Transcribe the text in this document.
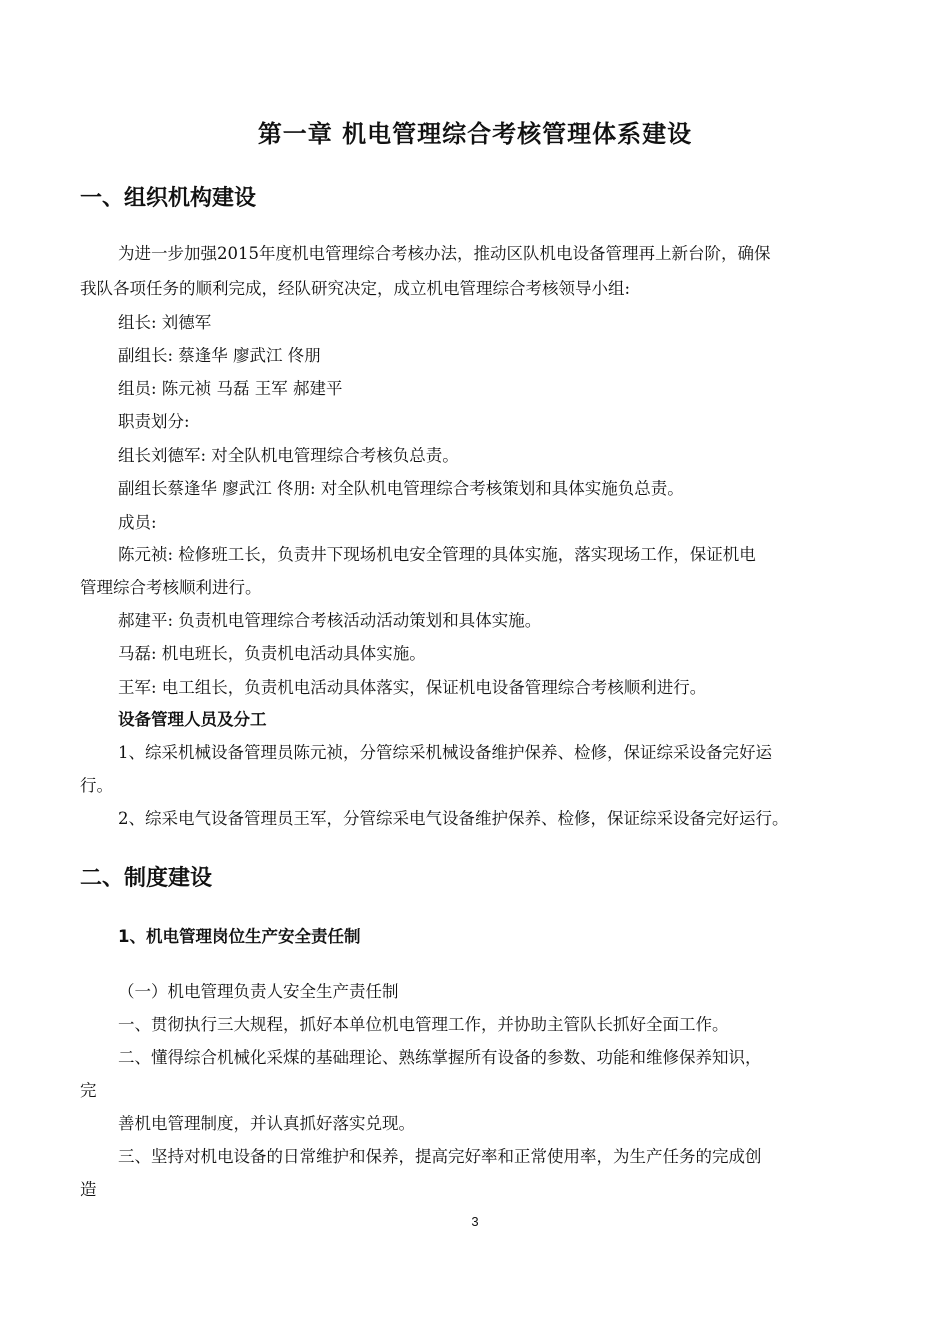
第一章 机电管理综合考核管理体系建设
一、组织机构建设

为进一步加强2015年度机电管理综合考核办法，推动区队机电设备管理再上新台阶，确保

我队各项任务的顺利完成，经队研究决定，成立机电管理综合考核领导小组:

组长: 刘德军

副组长: 蔡逢华 廖武江 佟朋

组员: 陈元祯 马磊 王军 郝建平

职责划分:

组长刘德军: 对全队机电管理综合考核负总责。

副组长蔡逢华 廖武江 佟朋: 对全队机电管理综合考核策划和具体实施负总责。

成员:

陈元祯: 检修班工长，负责井下现场机电安全管理的具体实施，落实现场工作，保证机电

管理综合考核顺利进行。

郝建平: 负责机电管理综合考核活动活动策划和具体实施。

马磊: 机电班长，负责机电活动具体实施。

王军: 电工组长，负责机电活动具体落实，保证机电设备管理综合考核顺利进行。

设备管理人员及分工

1、综采机械设备管理员陈元祯，分管综采机械设备维护保养、检修，保证综采设备完好运

行。

2、综采电气设备管理员王军，分管综采电气设备维护保养、检修，保证综采设备完好运行。

二、制度建设

1、机电管理岗位生产安全责任制

（一）机电管理负责人安全生产责任制

一、贯彻执行三大规程，抓好本单位机电管理工作，并协助主管队长抓好全面工作。

二、懂得综合机械化采煤的基础理论、熟练掌握所有设备的参数、功能和维修保养知识，

完

善机电管理制度，并认真抓好落实兑现。

三、坚持对机电设备的日常维护和保养，提高完好率和正常使用率，为生产任务的完成创

造

3
